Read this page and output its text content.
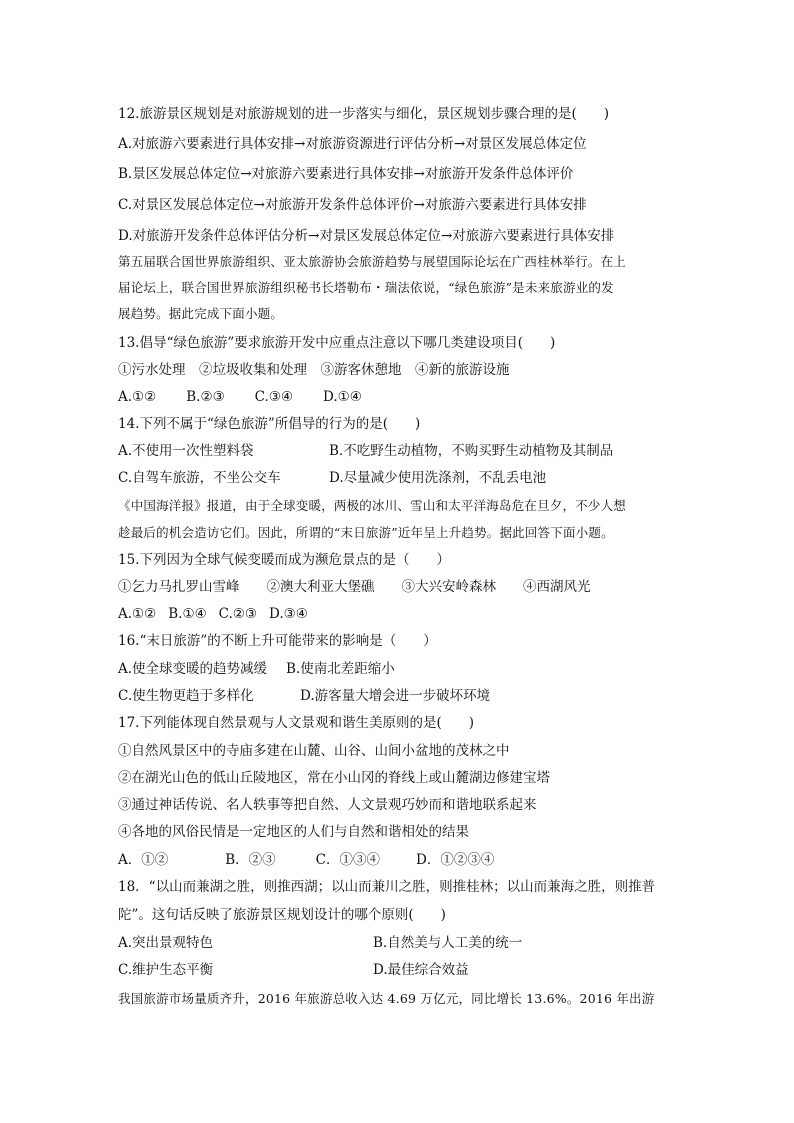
12.旅游景区规划是对旅游规划的进一步落实与细化，景区规划步骤合理的是(　　)
A.对旅游六要素进行具体安排→对旅游资源进行评估分析→对景区发展总体定位
B.景区发展总体定位→对旅游六要素进行具体安排→对旅游开发条件总体评价
C.对景区发展总体定位→对旅游开发条件总体评价→对旅游六要素进行具体安排
D.对旅游开发条件总体评估分析→对景区发展总体定位→对旅游六要素进行具体安排
第五届联合国世界旅游组织、亚太旅游协会旅游趋势与展望国际论坛在广西桂林举行。在上
届论坛上，联合国世界旅游组织秘书长塔勒布・瑞法依说，“绿色旅游”是未来旅游业的发
展趋势。据此完成下面小题。
13.倡导“绿色旅游”要求旅游开发中应重点注意以下哪几类建设项目(　　)
①污水处理　②垃圾收集和处理　③游客休憩地　④新的旅游设施
A.①② B.②③ C.③④ D.①④
14.下列不属于“绿色旅游”所倡导的行为的是(　　)
A.不使用一次性塑料袋	B.不吃野生动植物，不购买野生动植物及其制品
C.自驾车旅游，不坐公交车	D.尽量减少使用洗涤剂，不乱丢电池
《中国海洋报》报道，由于全球变暖，两极的冰川、雪山和太平洋海岛危在旦夕，不少人想
趁最后的机会造访它们。因此，所谓的“末日旅游”近年呈上升趋势。据此回答下面小题。
15.下列因为全球气候变暖而成为濒危景点的是（　　）
①乞力马扎罗山雪峰　　②澳大利亚大堡礁　　③大兴安岭森林　　④西湖风光
A.①② B.①④ C.②③ D.③④
16.“末日旅游”的不断上升可能带来的影响是（　　）
A.使全球变暖的趋势减缓 B.使南北差距缩小
C.使生物更趋于多样化	D.游客量大增会进一步破坏环境
17.下列能体现自然景观与人文景观和谐生美原则的是(　　)
①自然风景区中的寺庙多建在山麓、山谷、山间小盆地的茂林之中
②在湖光山色的低山丘陵地区，常在小山冈的脊线上或山麓湖边修建宝塔
③通过神话传说、名人轶事等把自然、人文景观巧妙而和谐地联系起来
④各地的风俗民情是一定地区的人们与自然和谐相处的结果
A．①②	B．②③	C．①③④	D．①②③④
18．“以山而兼湖之胜，则推西湖；以山而兼川之胜，则推桂林；以山而兼海之胜，则推普
陀”。这句话反映了旅游景区规划设计的哪个原则(　　)
A.突出景观特色	B.自然美与人工美的统一
C.维护生态平衡	D.最佳综合效益
我国旅游市场量质齐升，2016 年旅游总收入达 4.69 万亿元，同比增长 13.6%。2016 年出游
